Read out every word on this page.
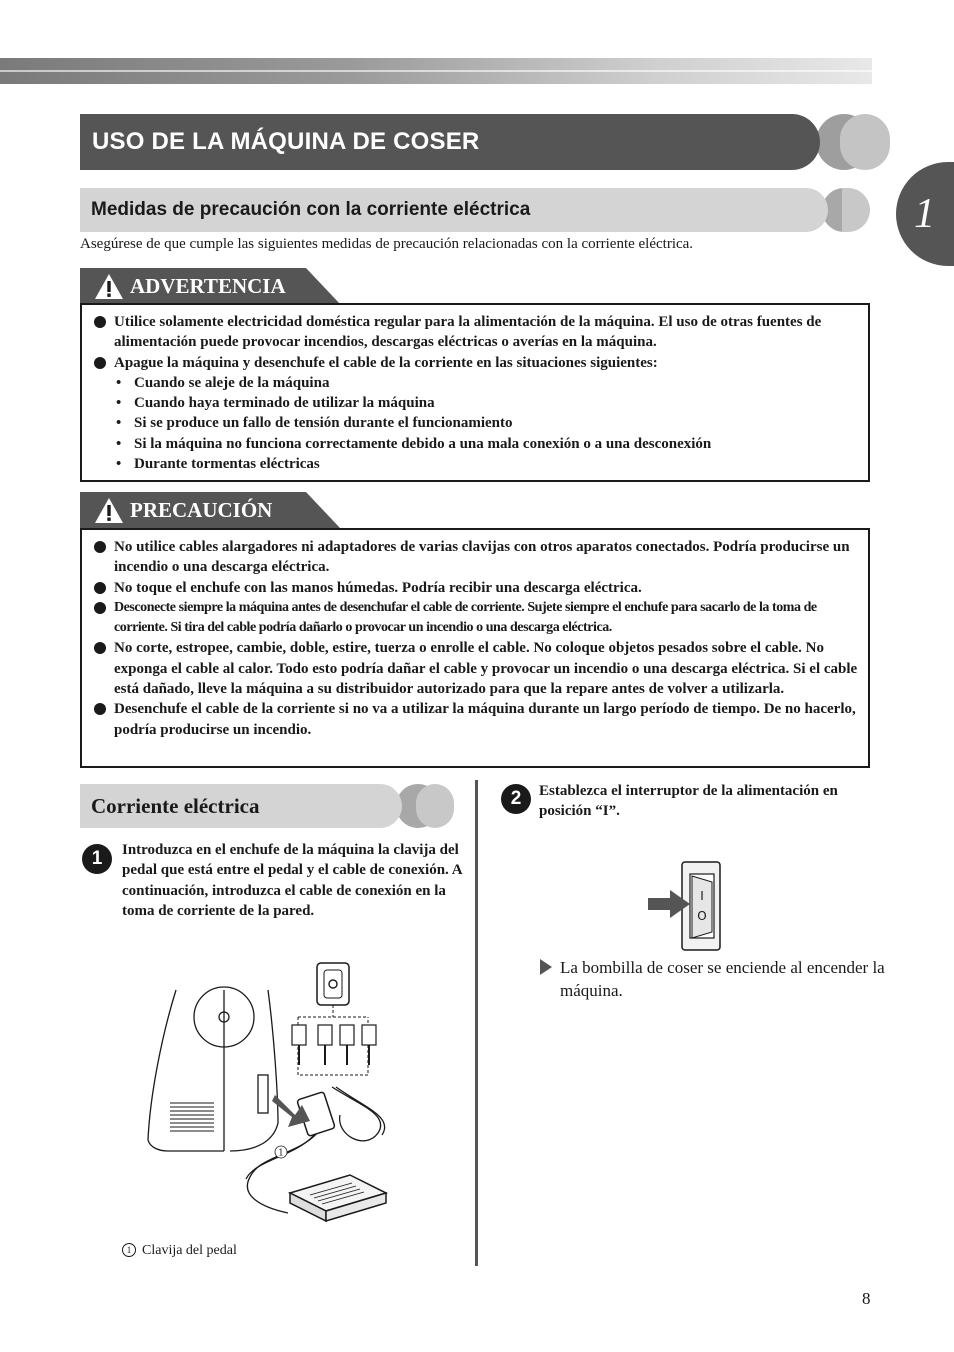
USO DE LA MÁQUINA DE COSER
1
Medidas de precaución con la corriente eléctrica
Asegúrese de que cumple las siguientes medidas de precaución relacionadas con la corriente eléctrica.
ADVERTENCIA

Utilice solamente electricidad doméstica regular para la alimentación de la máquina. El uso de otras fuentes de alimentación puede provocar incendios, descargas eléctricas o averías en la máquina.

Apague la máquina y desenchufe el cable de la corriente en las situaciones siguientes:

• Cuando se aleje de la máquina
• Cuando haya terminado de utilizar la máquina
• Si se produce un fallo de tensión durante el funcionamiento
• Si la máquina no funciona correctamente debido a una mala conexión o a una desconexión
• Durante tormentas eléctricas
PRECAUCIÓN

No utilice cables alargadores ni adaptadores de varias clavijas con otros aparatos conectados. Podría producirse un incendio o una descarga eléctrica.

No toque el enchufe con las manos húmedas. Podría recibir una descarga eléctrica.

Desconecte siempre la máquina antes de desenchufar el cable de corriente. Sujete siempre el enchufe para sacarlo de la toma de corriente. Si tira del cable podría dañarlo o provocar un incendio o una descarga eléctrica.

No corte, estropee, cambie, doble, estire, tuerza o enrolle el cable. No coloque objetos pesados sobre el cable. No exponga el cable al calor. Todo esto podría dañar el cable y provocar un incendio o una descarga eléctrica. Si el cable está dañado, lleve la máquina a su distribuidor autorizado para que la repare antes de volver a utilizarla.

Desenchufe el cable de la corriente si no va a utilizar la máquina durante un largo período de tiempo. De no hacerlo, podría producirse un incendio.

Corriente eléctrica
1	Introduzca en el enchufe de la máquina la clavija del pedal que está entre el pedal y el cable de conexión. A continuación, introduzca el cable de conexión en la toma de corriente de la pared.
2	Establezca el interruptor de la alimentación en posición “I”.
1
I
O
La bombilla de coser se enciende al encender la máquina.
1 Clavija del pedal
8
